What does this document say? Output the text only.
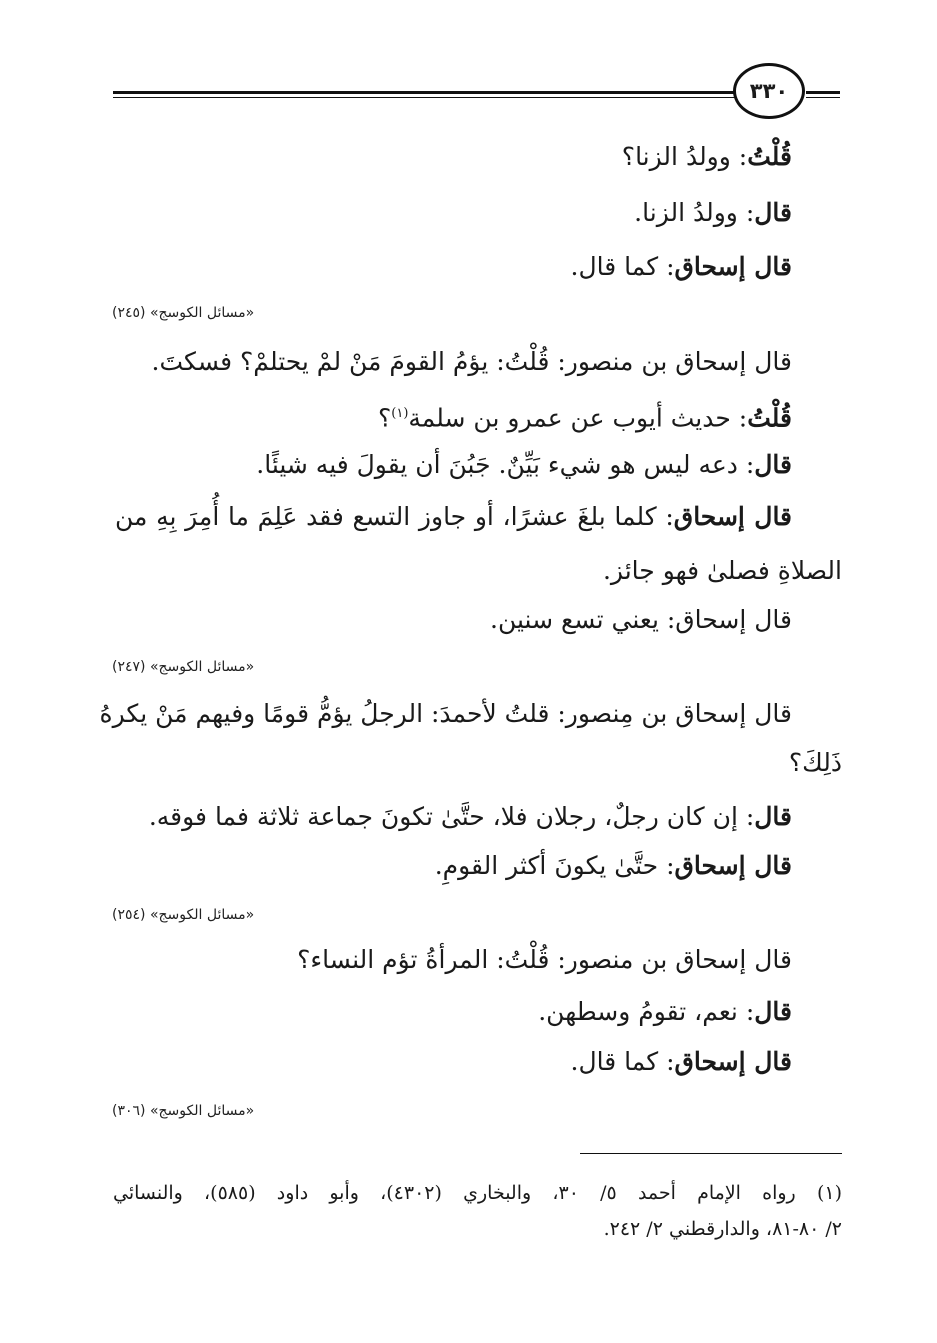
٣٣٠
قُلْتُ: وولدُ الزنا؟
قال: وولدُ الزنا.
قال إسحاق: كما قال.
«مسائل الكوسج» (٢٤٥)
قال إسحاق بن منصور: قُلْتُ: يؤمُ القومَ مَنْ لمْ يحتلمْ؟ فسكتَ.
قُلْتُ: حديث أيوب عن عمرو بن سلمة$^{(١)}$؟
قال: دعه ليس هو شيء بَيِّنٌ. جَبُنَ أن يقولَ فيه شيئًا.
قال إسحاق: كلما بلغَ عشرًا، أو جاوز التسع فقد عَلِمَ ما أُمِرَ بِهِ من
الصلاةِ فصلىٰ فهو جائز.
قال إسحاق: يعني تسع سنين.
«مسائل الكوسج» (٢٤٧)
قال إسحاق بن مِنصور: قلتُ لأحمدَ: الرجلُ يؤمُّ قومًا وفيهم مَنْ يكرهُ
ذَلِكَ؟
قال: إن كان رجلٌ، رجلان فلا، حتَّىٰ تكونَ جماعة ثلاثة فما فوقه.
قال إسحاق: حتَّىٰ يكونَ أكثر القومِ.
«مسائل الكوسج» (٢٥٤)
قال إسحاق بن منصور: قُلْتُ: المرأةُ تؤم النساء؟
قال: نعم، تقومُ وسطهن.
قال إسحاق: كما قال.
«مسائل الكوسج» (٣٠٦)
(١) رواه الإمام أحمد ٥/ ٣٠، والبخاري (٤٣٠٢)، وأبو داود (٥٨٥)، والنسائي
٢/ ٨٠-٨١، والدارقطني ٢/ ٢٤٢.
